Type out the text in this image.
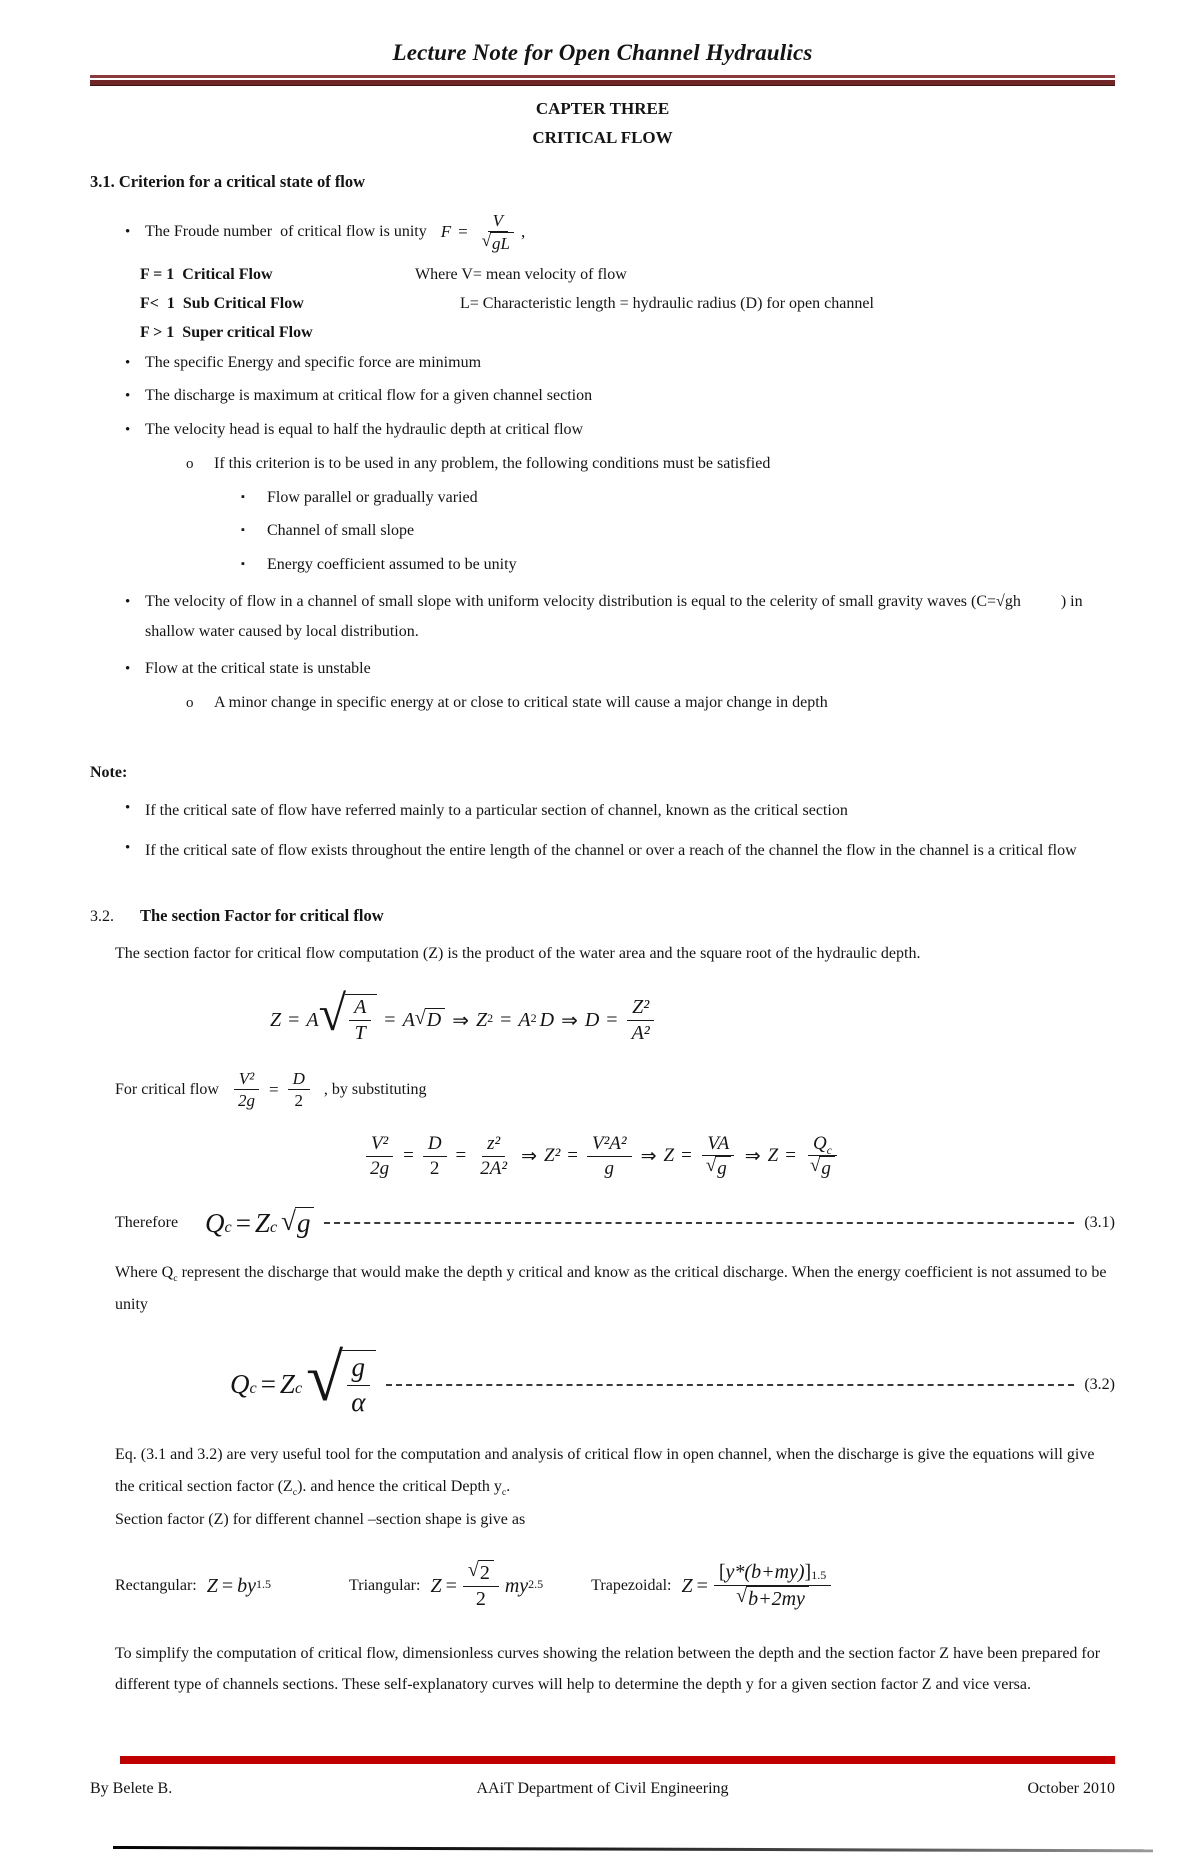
Lecture Note for Open Channel Hydraulics
CAPTER THREE
CRITICAL FLOW
3.1. Criterion for a critical state of flow
•
The Froude number  of critical flow is unity $F = \frac{V}{√ gL}$ ,
F = 1  Critical Flow	Where V= mean velocity of flow
F<  1  Sub Critical Flow	L= Characteristic length = hydraulic radius (D) for open channel
F > 1  Super critical Flow
•
The specific Energy and specific force are minimum
•
The discharge is maximum at critical flow for a given channel section
•
The velocity head is equal to half the hydraulic depth at critical flow
o
If this criterion is to be used in any problem, the following conditions must be satisfied
▪
Flow parallel or gradually varied
▪
Channel of small slope
▪
Energy coefficient assumed to be unity
•
The velocity of flow in a channel of small slope with uniform velocity distribution is equal to the celerity of small gravity waves (C=√gh          ) in shallow water caused by local distribution.
•
Flow at the critical state is unstable
o
A minor change in specific energy at or close to critical state will cause a major change in depth
Note:
•
If the critical sate of flow have referred mainly to a particular section of channel, known as the critical section
•
If the critical sate of flow exists throughout the entire length of the channel or over a reach of the channel the flow in the channel is a critical flow
3.2.	The section Factor for critical flow
The section factor for critical flow computation (Z) is the product of the water area and the square root of the hydraulic depth.
Z = A √ $\frac{A}{T} = A$ √ D ⇒ $Z^2 = A^2$ D ⇒ $D = \frac{\text{Z²}}{\text{A²}}$
For critical flow $\frac{\text{V²}}{2g} = \frac{D}{2}$ , by substituting
$\frac{\text{V²}}{2g} = \frac{D}{2} = \frac{\text{z²}}{\text{2A²}}$ ⇒ $Z^2 = \frac{\text{V²A²}}{g}$ ⇒ $Z = \frac{VA}{√ g}$ ⇒ $Z = \frac{Q_c}{√ g}$
Therefore $Q_c = Z_c$ √ g	(3.1)
Where $Q_c$ represent the discharge that would make the depth y critical and know as the critical discharge. When the energy coefficient is not assumed to be unity
$Q_c = Z_c$ √ $\frac{g}{\alpha}$	(3.2)
Eq. (3.1 and 3.2) are very useful tool for the computation and analysis of critical flow in open channel, when the discharge is give the equations will give the critical section factor $(Z_c)$. and hence the critical Depth $y_c$.
Section factor (Z) for different channel –section shape is give as
Rectangular: $Z = by^{1.5}$	Triangular: $Z = \frac{√ 2}{2} my^{2.5}$	Trapezoidal: $Z = \frac{[ y*(b+my) ]^{1.5}}{√ b+2my}$
To simplify the computation of critical flow, dimensionless curves showing the relation between the depth and the section factor Z have been prepared for different type of channels sections. These self-explanatory curves will help to determine the depth y for a given section factor Z and vice versa.
By Belete B.	AAiT Department of Civil Engineering	October 2010
